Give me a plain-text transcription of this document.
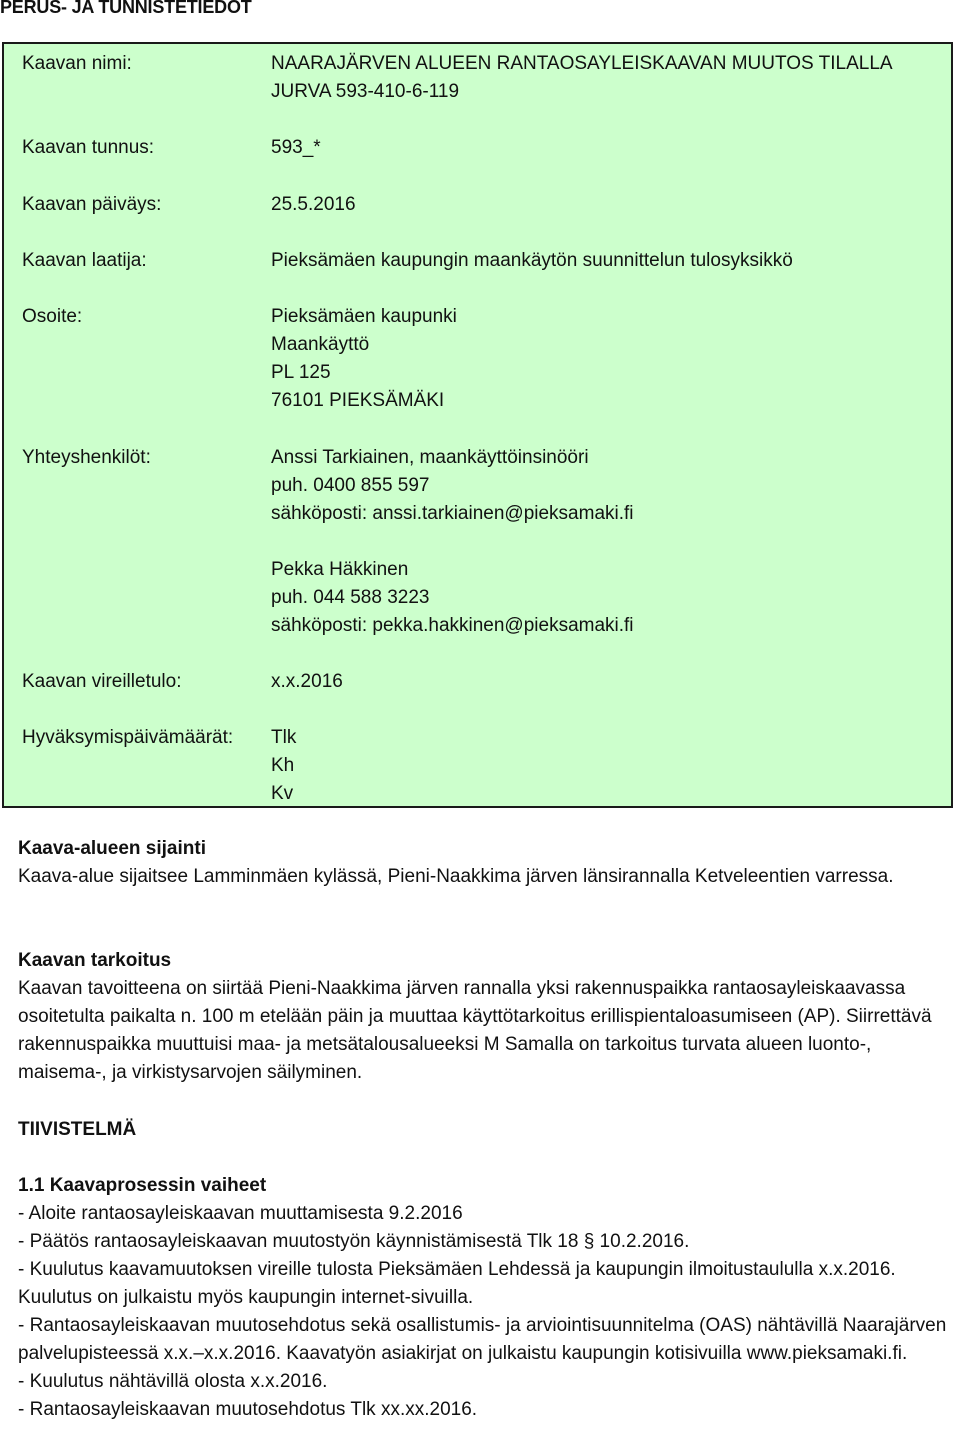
PERUS- JA TUNNISTETIEDOT
Kaavan nimi:	NAARAJÄRVEN ALUEEN RANTAOSAYLEISKAAVAN MUUTOS TILALLA
JURVA 593-410-6-119
Kaavan tunnus:	593_*
Kaavan päiväys:	25.5.2016
Kaavan laatija:	Pieksämäen kaupungin maankäytön suunnittelun tulosyksikkö
Osoite:	Pieksämäen kaupunki
Maankäyttö
PL 125
76101 PIEKSÄMÄKI
Yhteyshenkilöt:	Anssi Tarkiainen, maankäyttöinsinööri
puh. 0400 855 597
sähköposti: anssi.tarkiainen@pieksamaki.fi
Pekka Häkkinen
puh. 044 588 3223
sähköposti: pekka.hakkinen@pieksamaki.fi
Kaavan vireilletulo:	x.x.2016
Hyväksymispäivämäärät: Tlk
Kh
Kv
Kaava-alueen sijainti

Kaava-alue sijaitsee Lamminmäen kylässä, Pieni-Naakkima järven länsirannalla Ketveleentien varressa.

Kaavan tarkoitus

Kaavan tavoitteena on siirtää Pieni-Naakkima järven rannalla yksi rakennuspaikka rantaosayleiskaavassa osoitetulta paikalta n. 100 m etelään päin ja muuttaa käyttötarkoitus erillispientaloasumiseen (AP). Siirrettävä rakennuspaikka muuttuisi maa- ja metsätalousalueeksi M Samalla on tarkoitus turvata alueen luonto-, maisema-, ja virkistysarvojen säilyminen.

TIIVISTELMÄ
1.1 Kaavaprosessin vaiheet
- Aloite rantaosayleiskaavan muuttamisesta 9.2.2016
- Päätös rantaosayleiskaavan muutostyön käynnistämisestä Tlk 18 § 10.2.2016.
- Kuulutus kaavamuutoksen vireille tulosta Pieksämäen Lehdessä ja kaupungin ilmoitustaululla x.x.2016. Kuulutus on julkaistu myös kaupungin internet-sivuilla.
- Rantaosayleiskaavan muutosehdotus sekä osallistumis- ja arviointisuunnitelma (OAS) nähtävillä Naarajärven palvelupisteessä x.x.–x.x.2016. Kaavatyön asiakirjat on julkaistu kaupungin kotisivuilla www.pieksamaki.fi.
- Kuulutus nähtävillä olosta x.x.2016.
- Rantaosayleiskaavan muutosehdotus Tlk xx.xx.2016.
